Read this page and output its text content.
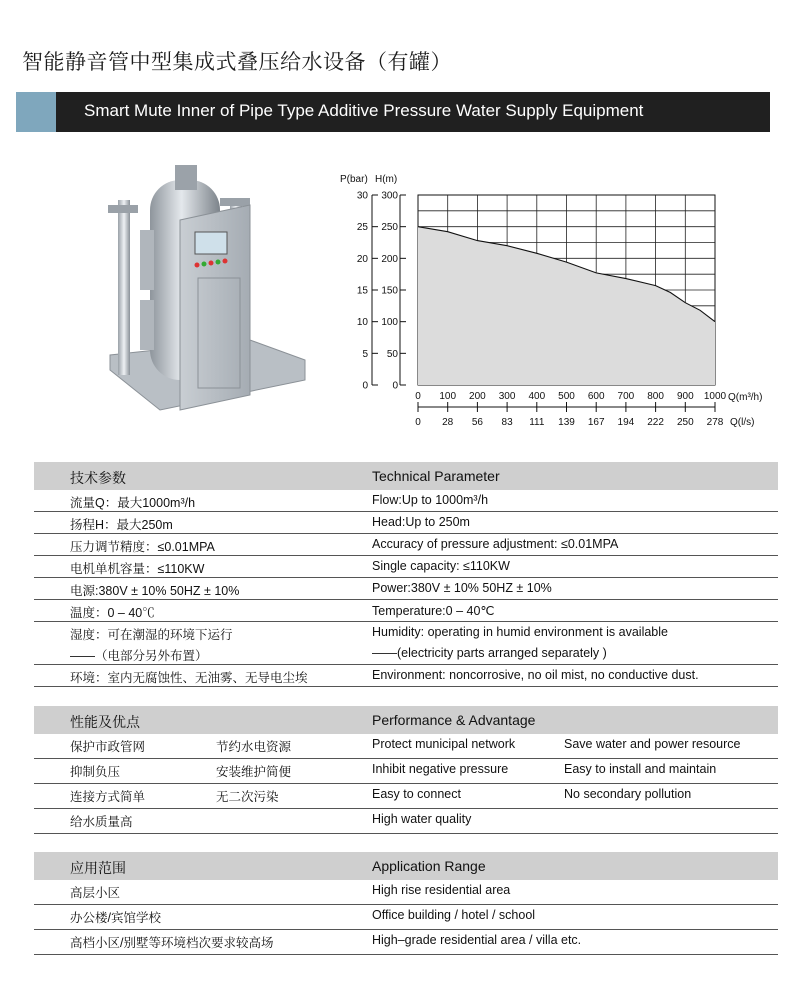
智能静音管中型集成式叠压给水设备（有罐）
Smart Mute Inner of Pipe Type Additive Pressure Water Supply Equipment
P(bar) H(m)
0 0
5 50
10 100
15 150
20 200
25 250
30 300
0
0
100
28
200
56
300
83
400
111
500
139
600
167
700
194
800
222
900
250
1000
278
Q(m³/h)
Q(l/s)
技术参数	Technical Parameter
流量Q：最大1000m³/h	Flow:Up to 1000m³/h
扬程H：最大250m	Head:Up to 250m
压力调节精度：≤0.01MPA	Accuracy of pressure adjustment: ≤0.01MPA
电机单机容量：≤110KW	Single capacity: ≤110KW
电源:380V ± 10% 50HZ ± 10%	Power:380V ± 10% 50HZ ± 10%
温度：0 – 40℃	Temperature:0 – 40℃
湿度：可在潮湿的环境下运行	Humidity: operating in humid environment is available
——（电部分另外布置）	——(electricity parts arranged separately )
环境：室内无腐蚀性、无油雾、无导电尘埃	Environment: noncorrosive, no oil mist, no conductive dust.
性能及优点	Performance & Advantage
保护市政管网	节约水电资源	Protect municipal network	Save water and power resource
抑制负压	安装维护简便	Inhibit negative pressure	Easy to install and maintain
连接方式简单	无二次污染	Easy to connect	No secondary pollution
给水质量高	High water quality
应用范围	Application Range
高层小区	High rise residential area
办公楼/宾馆学校	Office building / hotel / school
高档小区/别墅等环境档次要求较高场	High–grade residential area / villa etc.
